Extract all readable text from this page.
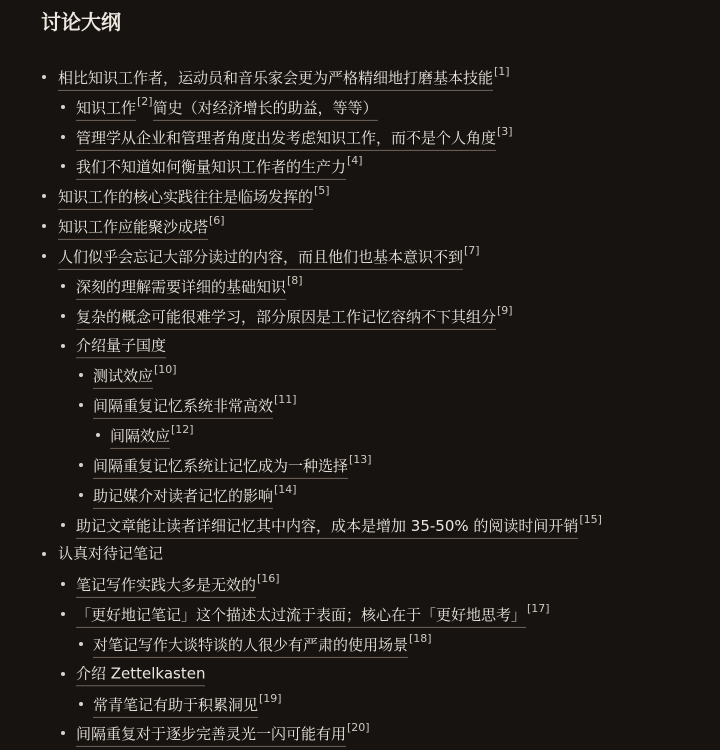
讨论大纲
相比知识工作者，运动员和音乐家会更为严格精细地打磨基本技能[1]
知识工作[2]简史（对经济增长的助益，等等）
管理学从企业和管理者角度出发考虑知识工作，而不是个人角度[3]
我们不知道如何衡量知识工作者的生产力[4]
知识工作的核心实践往往是临场发挥的[5]
知识工作应能聚沙成塔[6]
人们似乎会忘记大部分读过的内容，而且他们也基本意识不到[7]
深刻的理解需要详细的基础知识[8]
复杂的概念可能很难学习，部分原因是工作记忆容纳不下其组分[9]
介绍量子国度
测试效应[10]
间隔重复记忆系统非常高效[11]
间隔效应[12]
间隔重复记忆系统让记忆成为一种选择[13]
助记媒介对读者记忆的影响[14]
助记文章能让读者详细记忆其中内容，成本是增加 35-50% 的阅读时间开销[15]
认真对待记笔记
笔记写作实践大多是无效的[16]
「更好地记笔记」这个描述太过流于表面；核心在于「更好地思考」[17]
对笔记写作大谈特谈的人很少有严肃的使用场景[18]
介绍 Zettelkasten
常青笔记有助于积累洞见[19]
间隔重复对于逐步完善灵光一闪可能有用[20]
